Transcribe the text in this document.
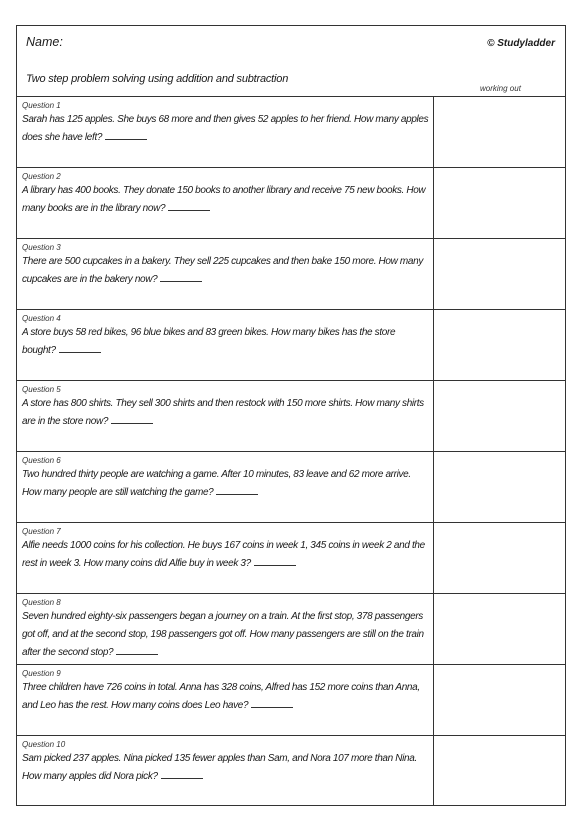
Name:	© Studyladder
Two step problem solving using addition and subtraction
working out
Question 1
Sarah has 125 apples. She buys 68 more and then gives 52 apples to her friend. How many apples does she have left?
Question 2
A library has 400 books. They donate 150 books to another library and receive 75 new books. How many books are in the library now?
Question 3
There are 500 cupcakes in a bakery. They sell 225 cupcakes and then bake 150 more. How many cupcakes are in the bakery now?
Question 4
A store buys 58 red bikes, 96 blue bikes and 83 green bikes. How many bikes has the store bought?
Question 5
A store has 800 shirts. They sell 300 shirts and then restock with 150 more shirts. How many shirts are in the store now?
Question 6
Two hundred thirty people are watching a game. After 10 minutes, 83 leave and 62 more arrive. How many people are still watching the game?
Question 7
Alfie needs 1000 coins for his collection. He buys 167 coins in week 1, 345 coins in week 2 and the rest in week 3. How many coins did Alfie buy in week 3?
Question 8
Seven hundred eighty-six passengers began a journey on a train. At the first stop, 378 passengers got off, and at the second stop, 198 passengers got off. How many passengers are still on the train after the second stop?
Question 9
Three children have 726 coins in total. Anna has 328 coins, Alfred has 152 more coins than Anna, and Leo has the rest. How many coins does Leo have?
Question 10
Sam picked 237 apples. Nina picked 135 fewer apples than Sam, and Nora 107 more than Nina. How many apples did Nora pick?
